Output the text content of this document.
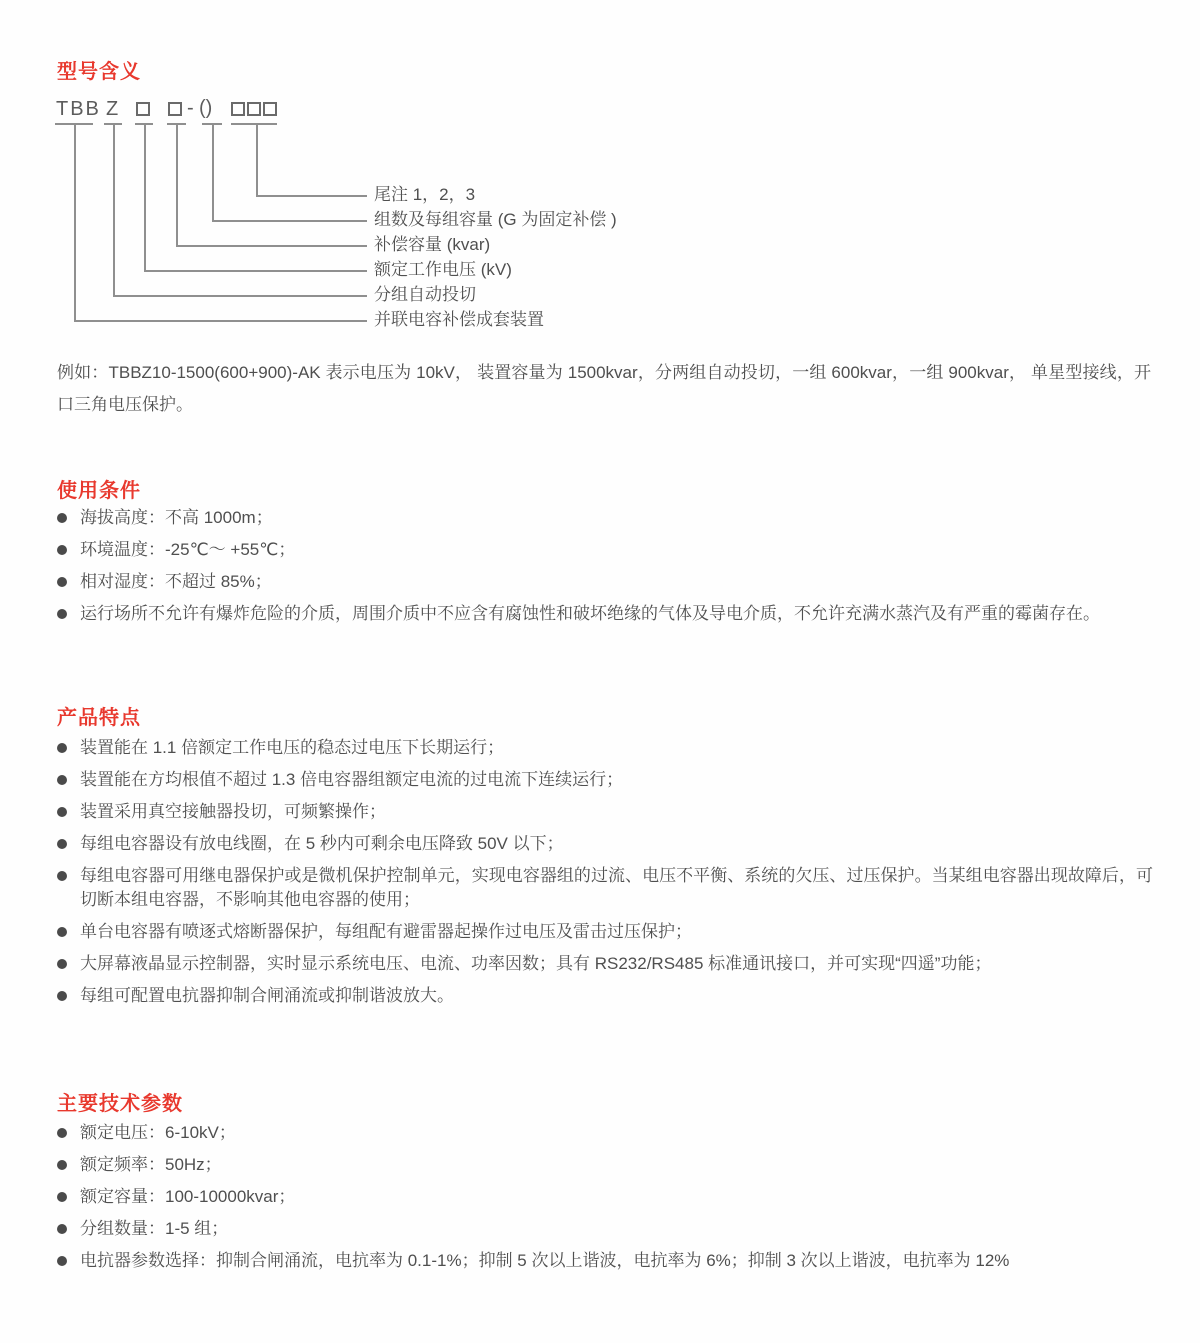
型号含义
TBB Z	- ()
尾注 1，2，3
组数及每组容量 (G 为固定补偿 )
补偿容量 (kvar)
额定工作电压 (kV)
分组自动投切
并联电容补偿成套装置

例如：TBBZ10-1500(600+900)-AK 表示电压为 10kV， 装置容量为 1500kvar，分两组自动投切，一组 600kvar，一组 900kvar， 单星型接线，开口三角电压保护。

使用条件
海拔高度：不高 1000m；
环境温度：-25℃～ +55℃；
相对湿度：不超过 85%；
运行场所不允许有爆炸危险的介质，周围介质中不应含有腐蚀性和破坏绝缘的气体及导电介质，不允许充满水蒸汽及有严重的霉菌存在。
产品特点
装置能在 1.1 倍额定工作电压的稳态过电压下长期运行；
装置能在方均根值不超过 1.3 倍电容器组额定电流的过电流下连续运行；
装置采用真空接触器投切，可频繁操作；
每组电容器设有放电线圈，在 5 秒内可剩余电压降致 50V 以下；
每组电容器可用继电器保护或是微机保护控制单元，实现电容器组的过流、电压不平衡、系统的欠压、过压保护。当某组电容器出现故障后，可切断本组电容器，不影响其他电容器的使用；
单台电容器有喷逐式熔断器保护，每组配有避雷器起操作过电压及雷击过压保护；
大屏幕液晶显示控制器，实时显示系统电压、电流、功率因数；具有 RS232/RS485 标准通讯接口，并可实现“四遥”功能；
每组可配置电抗器抑制合闸涌流或抑制谐波放大。
主要技术参数
额定电压：6-10kV；
额定频率：50Hz；
额定容量：100-10000kvar；
分组数量：1-5 组；
电抗器参数选择：抑制合闸涌流，电抗率为 0.1-1%；抑制 5 次以上谐波，电抗率为 6%；抑制 3 次以上谐波，电抗率为 12%
